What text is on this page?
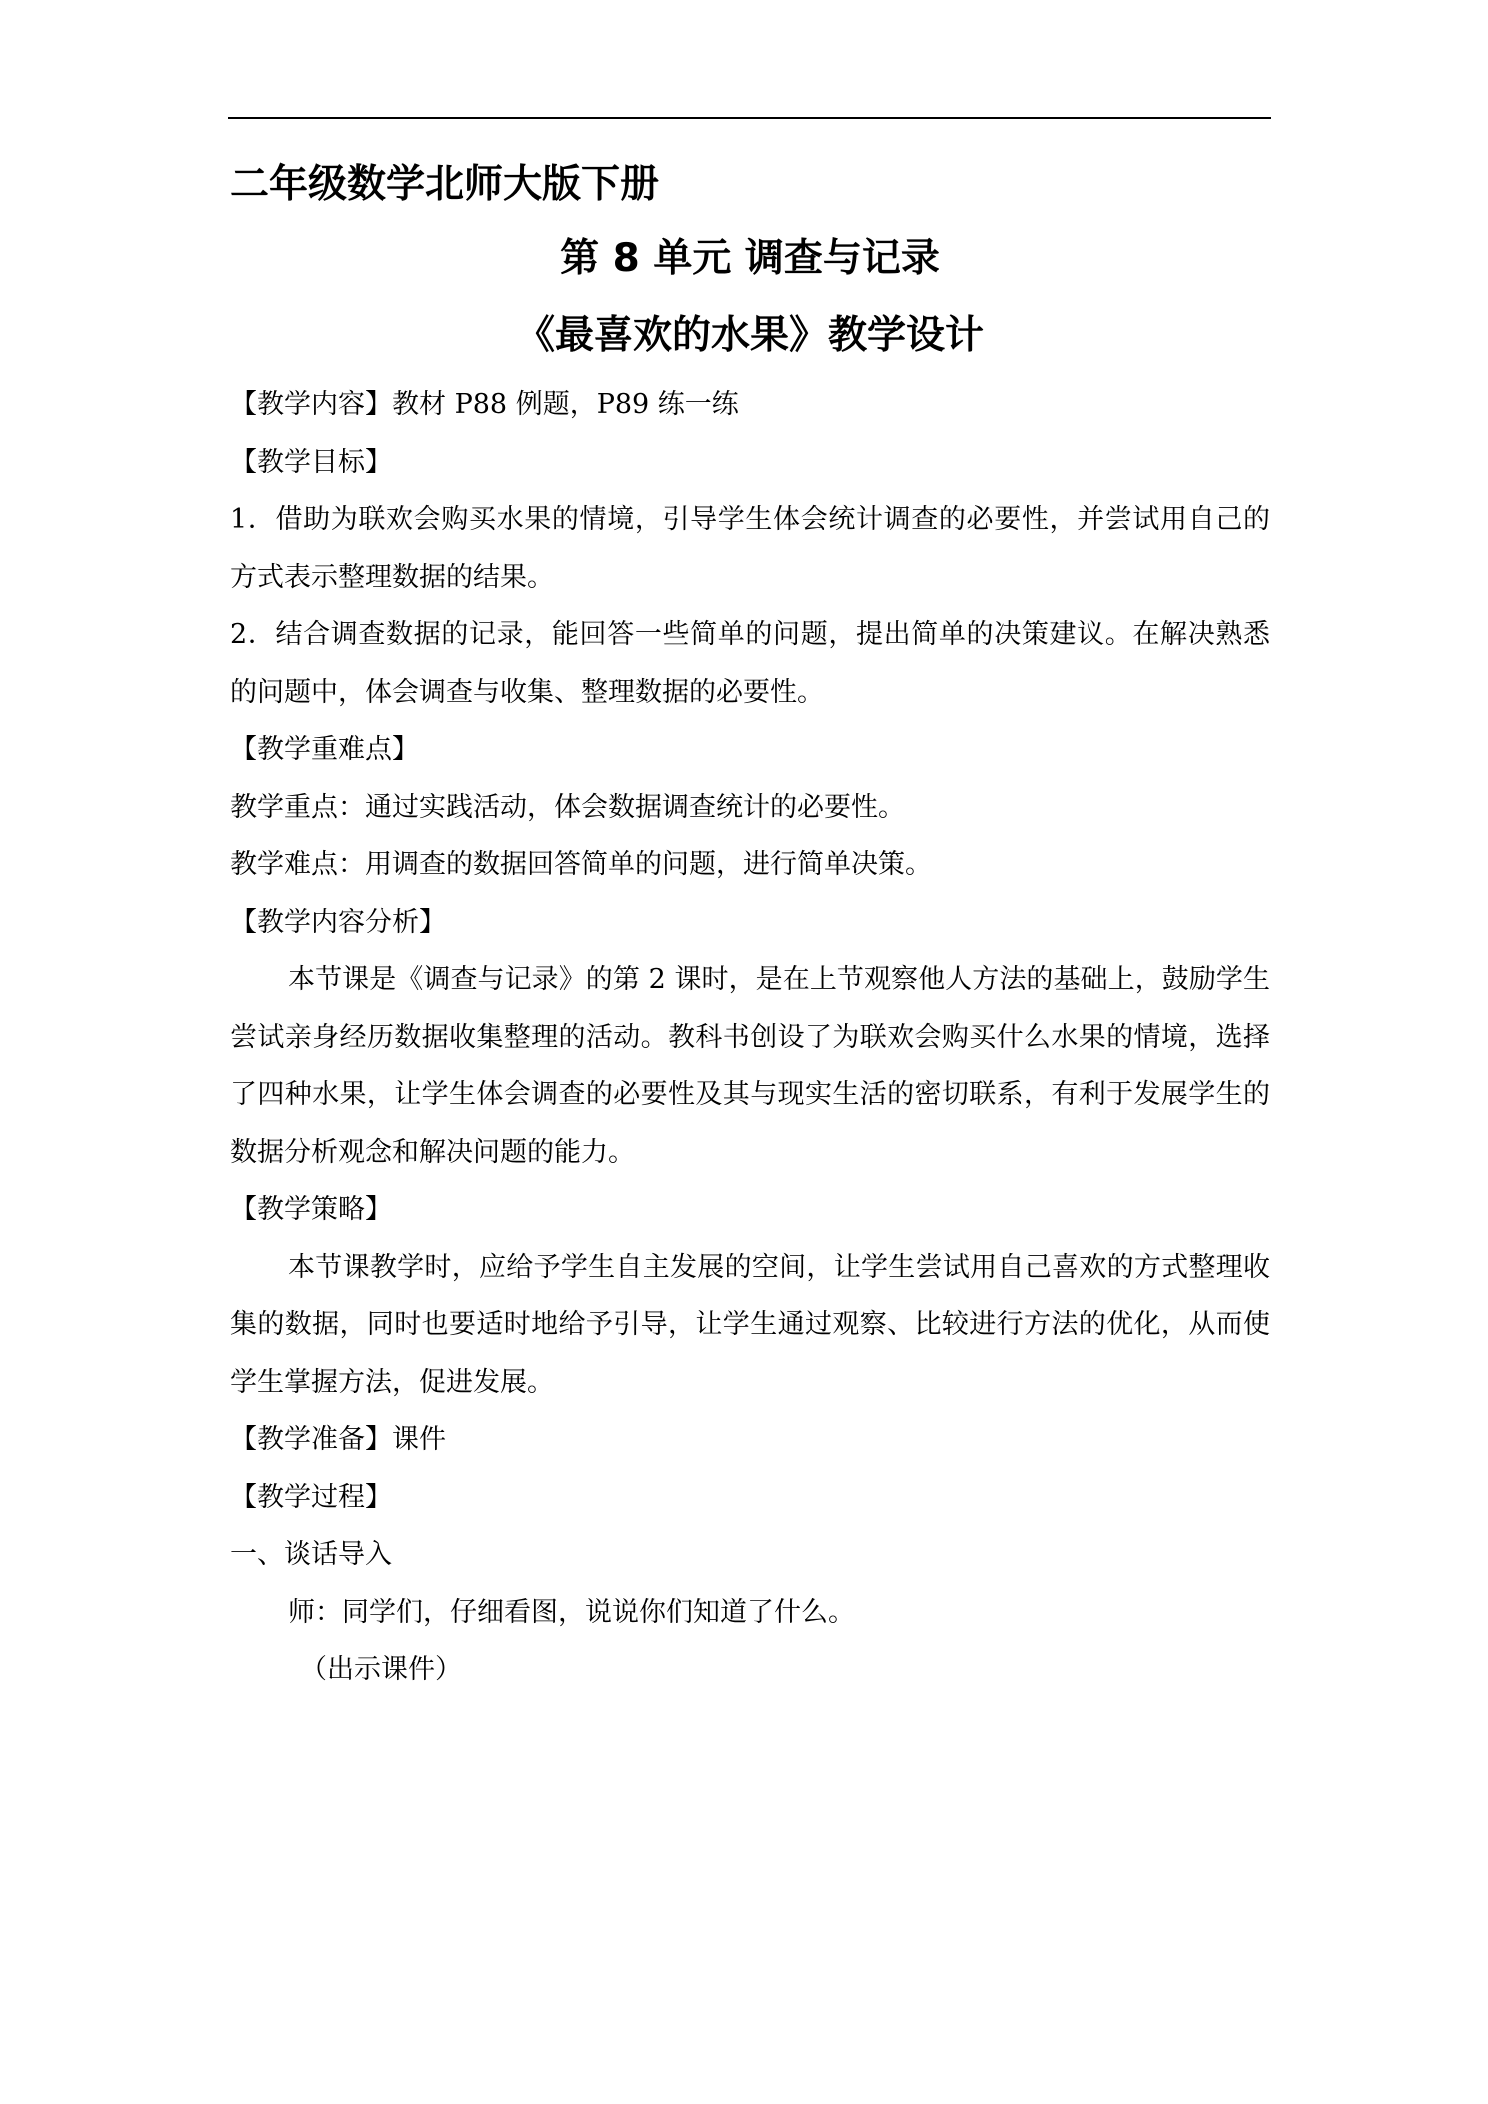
二年级数学北师大版下册
第 8 单元 调查与记录
《最喜欢的水果》教学设计

【教学内容】教材 P88 例题，P89 练一练

【教学目标】

1．借助为联欢会购买水果的情境，引导学生体会统计调查的必要性，并尝试用自己的方式表示整理数据的结果。

2．结合调查数据的记录，能回答一些简单的问题，提出简单的决策建议。在解决熟悉的问题中，体会调查与收集、整理数据的必要性。

【教学重难点】

教学重点：通过实践活动，体会数据调查统计的必要性。

教学难点：用调查的数据回答简单的问题，进行简单决策。

【教学内容分析】

本节课是《调查与记录》的第 2 课时，是在上节观察他人方法的基础上，鼓励学生尝试亲身经历数据收集整理的活动。教科书创设了为联欢会购买什么水果的情境，选择了四种水果，让学生体会调查的必要性及其与现实生活的密切联系，有利于发展学生的数据分析观念和解决问题的能力。

【教学策略】

本节课教学时，应给予学生自主发展的空间，让学生尝试用自己喜欢的方式整理收集的数据，同时也要适时地给予引导，让学生通过观察、比较进行方法的优化，从而使学生掌握方法，促进发展。

【教学准备】课件

【教学过程】

一、谈话导入

师：同学们，仔细看图，说说你们知道了什么。

（出示课件）
